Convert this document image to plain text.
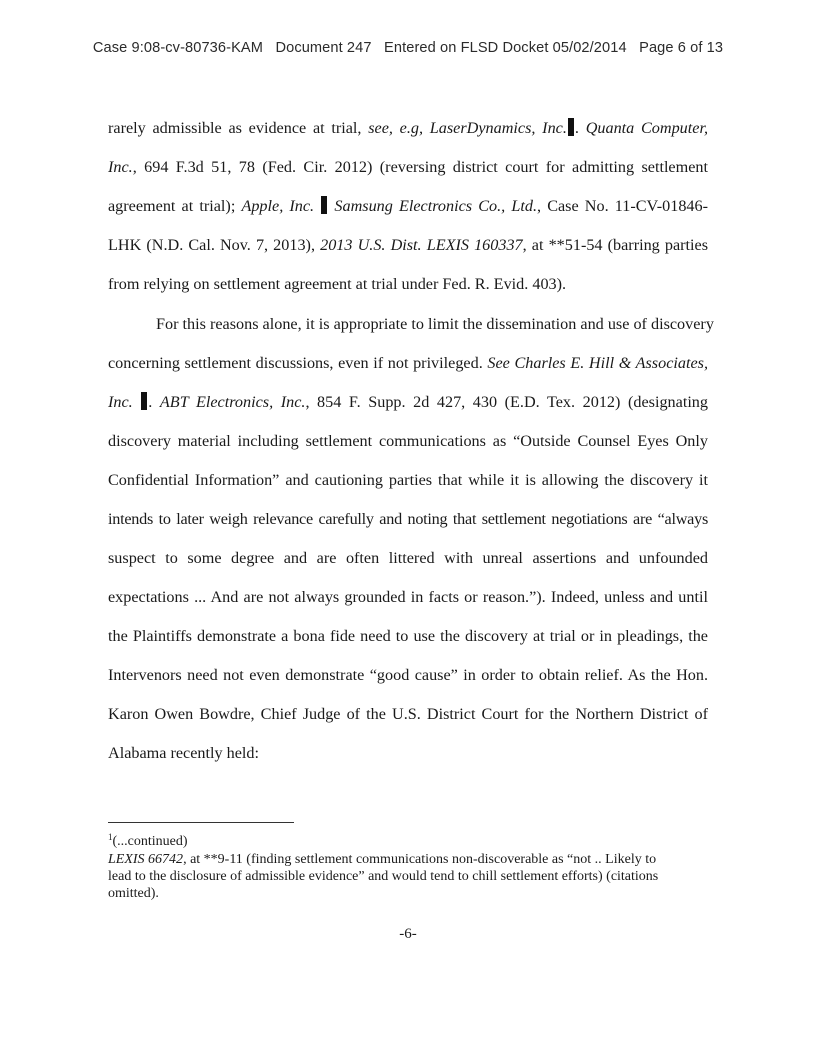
Case 9:08-cv-80736-KAM   Document 247   Entered on FLSD Docket 05/02/2014   Page 6 of 13
rarely admissible as evidence at trial, see, e.g, LaserDynamics, Inc. . Quanta Computer,
Inc., 694 F.3d 51, 78 (Fed. Cir. 2012) (reversing district court for admitting settlement
agreement at trial); Apple, Inc. Samsung Electronics Co., Ltd., Case No. 11-CV-01846-
LHK (N.D. Cal. Nov. 7, 2013), 2013 U.S. Dist. LEXIS 160337, at **51-54 (barring parties
from relying on settlement agreement at trial under Fed. R. Evid. 403).
For this reasons alone, it is appropriate to limit the dissemination and use of discovery
concerning settlement discussions, even if not privileged. See Charles E. Hill & Associates,
Inc. . ABT Electronics, Inc., 854 F. Supp. 2d 427, 430 (E.D. Tex. 2012) (designating
discovery material including settlement communications as “Outside Counsel Eyes Only
Confidential Information” and cautioning parties that while it is allowing the discovery it
intends to later weigh relevance carefully and noting that settlement negotiations are “always
suspect to some degree and are often littered with unreal assertions and unfounded
expectations ... And are not always grounded in facts or reason.”). Indeed, unless and until
the Plaintiffs demonstrate a bona fide need to use the discovery at trial or in pleadings, the
Intervenors need not even demonstrate “good cause” in order to obtain relief. As the Hon.
Karon Owen Bowdre, Chief Judge of the U.S. District Court for the Northern District of
Alabama recently held:
$^1$(...continued)
LEXIS 66742, at **9-11 (finding settlement communications non-discoverable as “not .. Likely to
lead to the disclosure of admissible evidence” and would tend to chill settlement efforts) (citations
omitted).
-6-
